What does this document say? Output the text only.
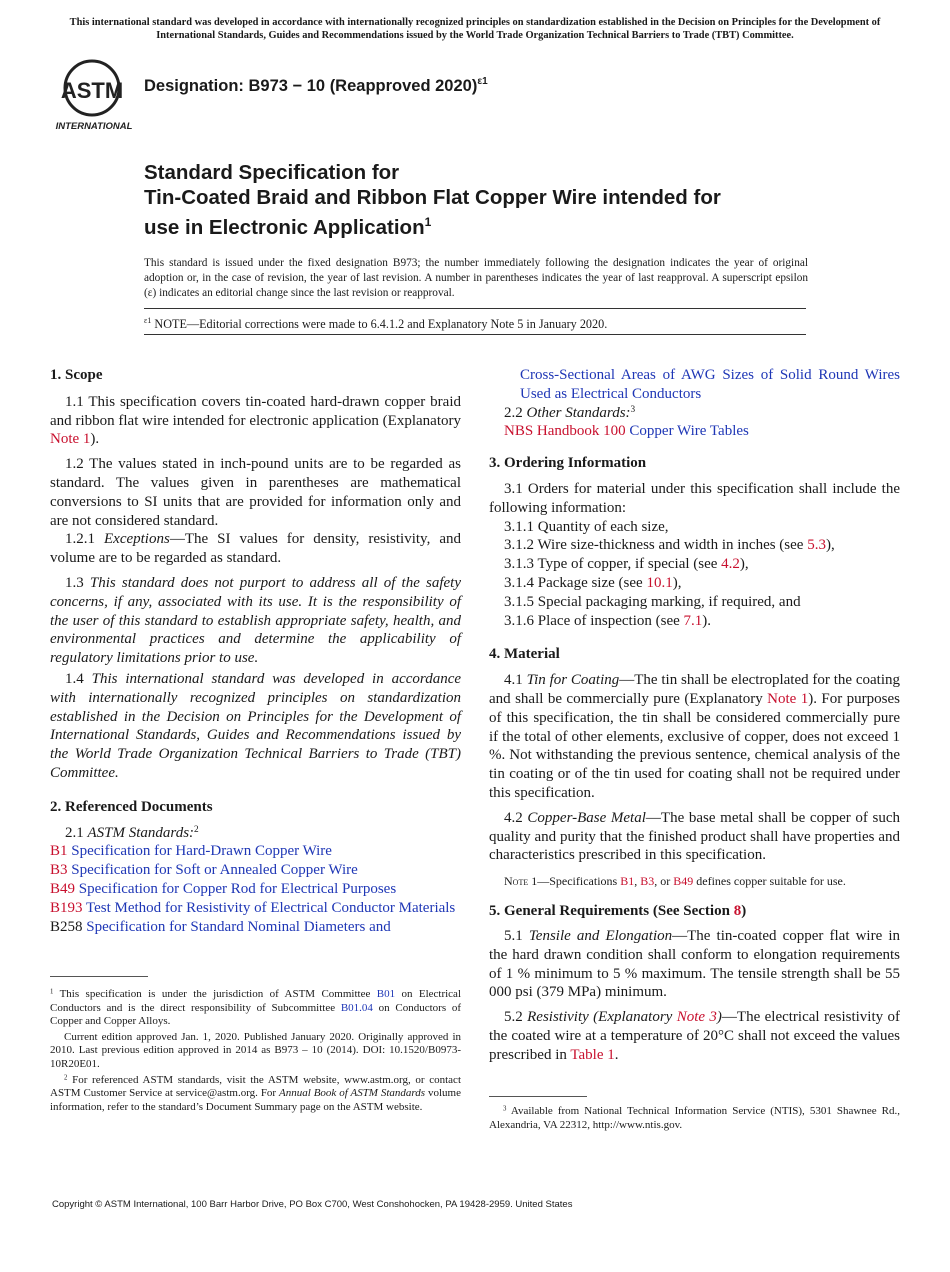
This international standard was developed in accordance with internationally recognized principles on standardization established in the Decision on Principles for the Development of International Standards, Guides and Recommendations issued by the World Trade Organization Technical Barriers to Trade (TBT) Committee.
ASTM
INTERNATIONAL
Designation: B973 − 10 (Reapproved 2020)$^{\varepsilon 1}$
Standard Specification for
Tin-Coated Braid and Ribbon Flat Copper Wire intended for
use in Electronic Application$^1$
This standard is issued under the fixed designation B973; the number immediately following the designation indicates the year of original adoption or, in the case of revision, the year of last revision. A number in parentheses indicates the year of last reapproval. A superscript epsilon (ε) indicates an editorial change since the last revision or reapproval.
$^{\varepsilon 1}$ NOTE—Editorial corrections were made to 6.4.1.2 and Explanatory Note 5 in January 2020.

1. Scope

1.1 This specification covers tin-coated hard-drawn copper braid and ribbon flat wire intended for electronic application (Explanatory Note 1).

1.2 The values stated in inch-pound units are to be regarded as standard. The values given in parentheses are mathematical conversions to SI units that are provided for information only and are not considered standard.

1.2.1 Exceptions—The SI values for density, resistivity, and volume are to be regarded as standard.

1.3 This standard does not purport to address all of the safety concerns, if any, associated with its use. It is the responsibility of the user of this standard to establish appropriate safety, health, and environmental practices and determine the applicability of regulatory limitations prior to use.

1.4 This international standard was developed in accordance with internationally recognized principles on standardization established in the Decision on Principles for the Development of International Standards, Guides and Recommendations issued by the World Trade Organization Technical Barriers to Trade (TBT) Committee.

2. Referenced Documents

2.1 ASTM Standards:$^2$

B1 Specification for Hard-Drawn Copper Wire

B3 Specification for Soft or Annealed Copper Wire

B49 Specification for Copper Rod for Electrical Purposes

B193 Test Method for Resistivity of Electrical Conductor Materials

B258 Specification for Standard Nominal Diameters and

$^1$ This specification is under the jurisdiction of ASTM Committee B01 on Electrical Conductors and is the direct responsibility of Subcommittee B01.04 on Conductors of Copper and Copper Alloys.

Current edition approved Jan. 1, 2020. Published January 2020. Originally approved in 2010. Last previous edition approved in 2014 as B973 – 10 (2014). DOI: 10.1520/B0973-10R20E01.

$^2$ For referenced ASTM standards, visit the ASTM website, www.astm.org, or contact ASTM Customer Service at service@astm.org. For Annual Book of ASTM Standards volume information, refer to the standard’s Document Summary page on the ASTM website.

Cross-Sectional Areas of AWG Sizes of Solid Round Wires Used as Electrical Conductors

2.2 Other Standards:$^3$

NBS Handbook 100 Copper Wire Tables

3. Ordering Information

3.1 Orders for material under this specification shall include the following information:

3.1.1 Quantity of each size,

3.1.2 Wire size-thickness and width in inches (see 5.3),

3.1.3 Type of copper, if special (see 4.2),

3.1.4 Package size (see 10.1),

3.1.5 Special packaging marking, if required, and

3.1.6 Place of inspection (see 7.1).

4. Material

4.1 Tin for Coating—The tin shall be electroplated for the coating and shall be commercially pure (Explanatory Note 1). For purposes of this specification, the tin shall be considered commercially pure if the total of other elements, exclusive of copper, does not exceed 1 %. Not withstanding the previous sentence, chemical analysis of the tin coating or of the tin used for coating shall not be required under this specification.

4.2 Copper-Base Metal—The base metal shall be copper of such quality and purity that the finished product shall have properties and characteristics prescribed in this specification.

Note 1—Specifications B1, B3, or B49 defines copper suitable for use.

5. General Requirements (See Section 8)

5.1 Tensile and Elongation—The tin-coated copper flat wire in the hard drawn condition shall conform to elongation requirements of 1 % minimum to 5 % maximum. The tensile strength shall be 55 000 psi (379 MPa) minimum.

5.2 Resistivity (Explanatory Note 3)—The electrical resistivity of the coated wire at a temperature of 20°C shall not exceed the values prescribed in Table 1.

$^3$ Available from National Technical Information Service (NTIS), 5301 Shawnee Rd., Alexandria, VA 22312, http://www.ntis.gov.

Copyright © ASTM International, 100 Barr Harbor Drive, PO Box C700, West Conshohocken, PA 19428-2959. United States
